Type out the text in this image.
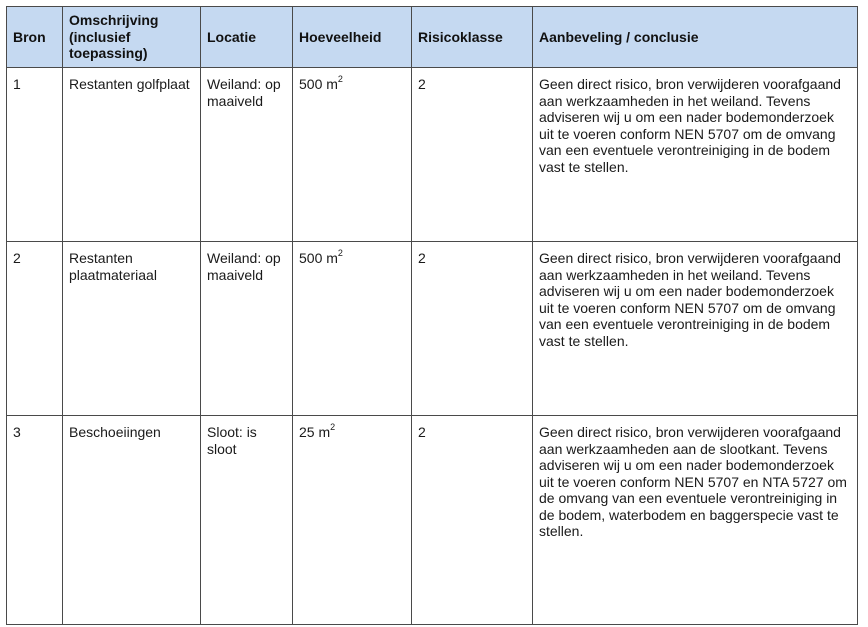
Bron	Omschrijving (inclusief toepassing)	Locatie	Hoeveelheid	Risicoklasse	Aanbeveling / conclusie
1	Restanten golfplaat	Weiland: op maaiveld	500 $m^2$	2	Geen direct risico, bron verwijderen voorafgaand aan werkzaamheden in het weiland. Tevens adviseren wij u om een nader bodemonderzoek uit te voeren conform NEN 5707 om de omvang van een eventuele verontreiniging in de bodem vast te stellen.
2	Restanten plaatmateriaal	Weiland: op maaiveld	500 $m^2$	2	Geen direct risico, bron verwijderen voorafgaand aan werkzaamheden in het weiland. Tevens adviseren wij u om een nader bodemonderzoek uit te voeren conform NEN 5707 om de omvang van een eventuele verontreiniging in de bodem vast te stellen.
3	Beschoeiingen	Sloot: is sloot	25 $m^2$	2	Geen direct risico, bron verwijderen voorafgaand aan werkzaamheden aan de slootkant. Tevens adviseren wij u om een nader bodemonderzoek uit te voeren conform NEN 5707 en NTA 5727 om de omvang van een eventuele verontreiniging in de bodem, waterbodem en baggerspecie vast te stellen.
